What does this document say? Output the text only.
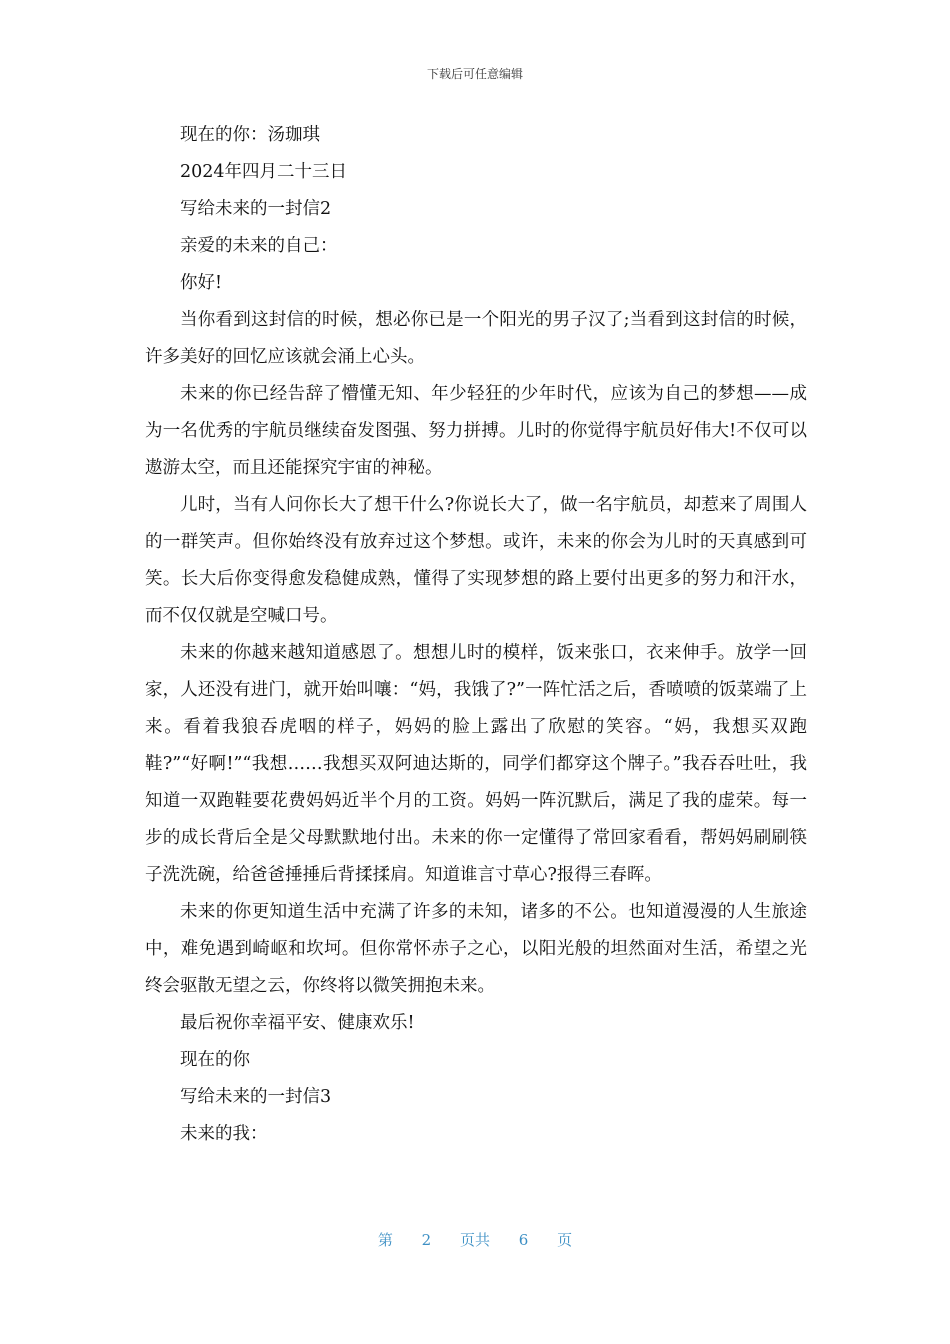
下载后可任意编辑

现在的你：汤珈琪

2024年四月二十三日

写给未来的一封信2

亲爱的未来的自己：

你好!

当你看到这封信的时候，想必你已是一个阳光的男子汉了;当看到这封信的时候，许多美好的回忆应该就会涌上心头。

未来的你已经告辞了懵懂无知、年少轻狂的少年时代，应该为自己的梦想——成为一名优秀的宇航员继续奋发图强、努力拼搏。儿时的你觉得宇航员好伟大!不仅可以遨游太空，而且还能探究宇宙的神秘。

儿时，当有人问你长大了想干什么?你说长大了，做一名宇航员，却惹来了周围人的一群笑声。但你始终没有放弃过这个梦想。或许，未来的你会为儿时的天真感到可笑。长大后你变得愈发稳健成熟，懂得了实现梦想的路上要付出更多的努力和汗水，而不仅仅就是空喊口号。

未来的你越来越知道感恩了。想想儿时的模样，饭来张口，衣来伸手。放学一回家，人还没有进门，就开始叫嚷：“妈，我饿了?”一阵忙活之后，香喷喷的饭菜端了上来。看着我狼吞虎咽的样子，妈妈的脸上露出了欣慰的笑容。“妈，我想买双跑鞋?”“好啊!”“我想……我想买双阿迪达斯的，同学们都穿这个牌子。”我吞吞吐吐，我知道一双跑鞋要花费妈妈近半个月的工资。妈妈一阵沉默后，满足了我的虚荣。每一步的成长背后全是父母默默地付出。未来的你一定懂得了常回家看看，帮妈妈刷刷筷子洗洗碗，给爸爸捶捶后背揉揉肩。知道谁言寸草心?报得三春晖。

未来的你更知道生活中充满了许多的未知，诸多的不公。也知道漫漫的人生旅途中，难免遇到崎岖和坎坷。但你常怀赤子之心，以阳光般的坦然面对生活，希望之光终会驱散无望之云，你终将以微笑拥抱未来。

最后祝你幸福平安、健康欢乐!

现在的你

写给未来的一封信3

未来的我：

第 2 页共 6 页
